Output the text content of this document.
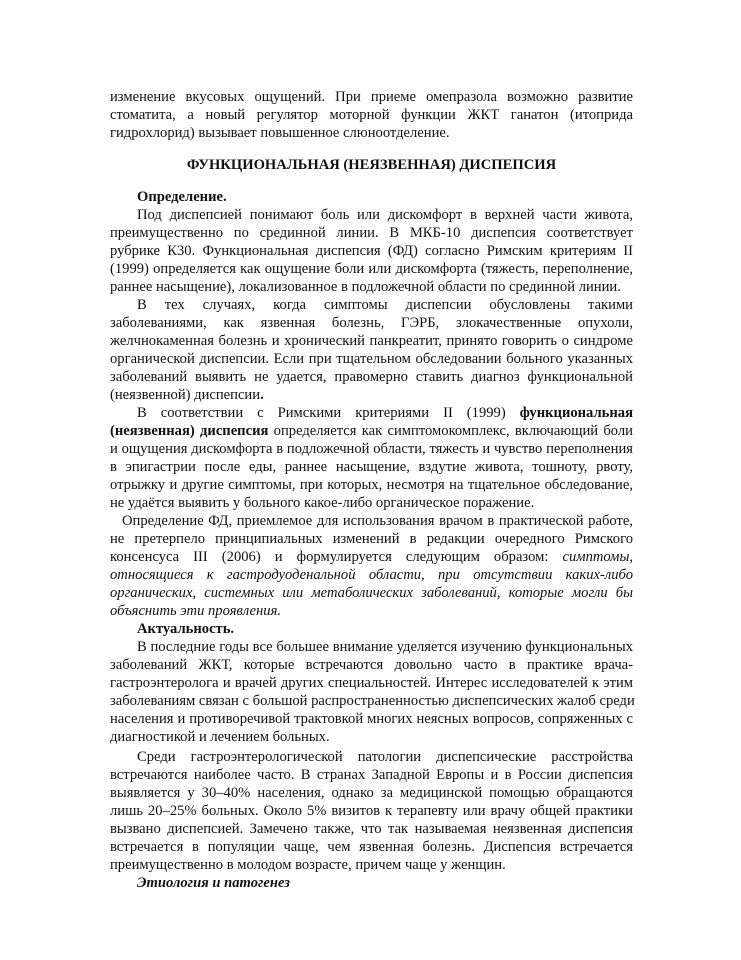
изменение вкусовых ощущений. При приеме омепразола возможно развитие
стоматита, а новый регулятор моторной функции ЖКТ ганатон (итоприда
гидрохлорид) вызывает повышенное слюноотделение.
ФУНКЦИОНАЛЬНАЯ (НЕЯЗВЕННАЯ) ДИСПЕПСИЯ
Определение.
Под диспепсией понимают боль или дискомфорт в верхней части живота,
преимущественно по срединной линии. В МКБ-10 диспепсия соответствует
рубрике К30. Функциональная диспепсия (ФД) согласно Римским критериям II
(1999) определяется как ощущение боли или дискомфорта (тяжесть, переполнение,
раннее насыщение), локализованное в подложечной области по срединной линии.
В тех случаях, когда симптомы диспепсии обусловлены такими
заболеваниями, как язвенная болезнь, ГЭРБ, злокачественные опухоли,
желчнокаменная болезнь и хронический панкреатит, принято говорить о синдроме
органической диспепсии. Если при тщательном обследовании больного указанных
заболеваний выявить не удается, правомерно ставить диагноз функциональной
(неязвенной) диспепсии.
В соответствии с Римскими критериями II (1999) функциональная
(неязвенная) диспепсия определяется как симптомокомплекс, включающий боли
и ощущения дискомфорта в подложечной области, тяжесть и чувство переполнения
в эпигастрии после еды, раннее насыщение, вздутие живота, тошноту, рвоту,
отрыжку и другие симптомы, при которых, несмотря на тщательное обследование,
не удаётся выявить у больного какое-либо органическое поражение.
Определение ФД, приемлемое для использования врачом в практической работе,
не претерпело принципиальных изменений в редакции очередного Римского
консенсуса III (2006) и формулируется следующим образом: симптомы,
относящиеся к гастродуоденальной области, при отсутствии каких-либо
органических, системных или метаболических заболеваний, которые могли бы
объяснить эти проявления.
Актуальность.
В последние годы все большее внимание уделяется изучению функциональных
заболеваний ЖКТ, которые встречаются довольно часто в практике врача-
гастроэнтеролога и врачей других специальностей. Интерес исследователей к этим
заболеваниям связан с большой распространенностью диспепсических жалоб среди
населения и противоречивой трактовкой многих неясных вопросов, сопряженных с
диагностикой и лечением больных.
Среди гастроэнтерологической патологии диспепсические расстройства
встречаются наиболее часто. В странах Западной Европы и в России диспепсия
выявляется у 30–40% населения, однако за медицинской помощью обращаются
лишь 20–25% больных. Около 5% визитов к терапевту или врачу общей практики
вызвано диспепсией. Замечено также, что так называемая неязвенная диспепсия
встречается в популяции чаще, чем язвенная болезнь. Диспепсия встречается
преимущественно в молодом возрасте, причем чаще у женщин.
Этиология и патогенез
